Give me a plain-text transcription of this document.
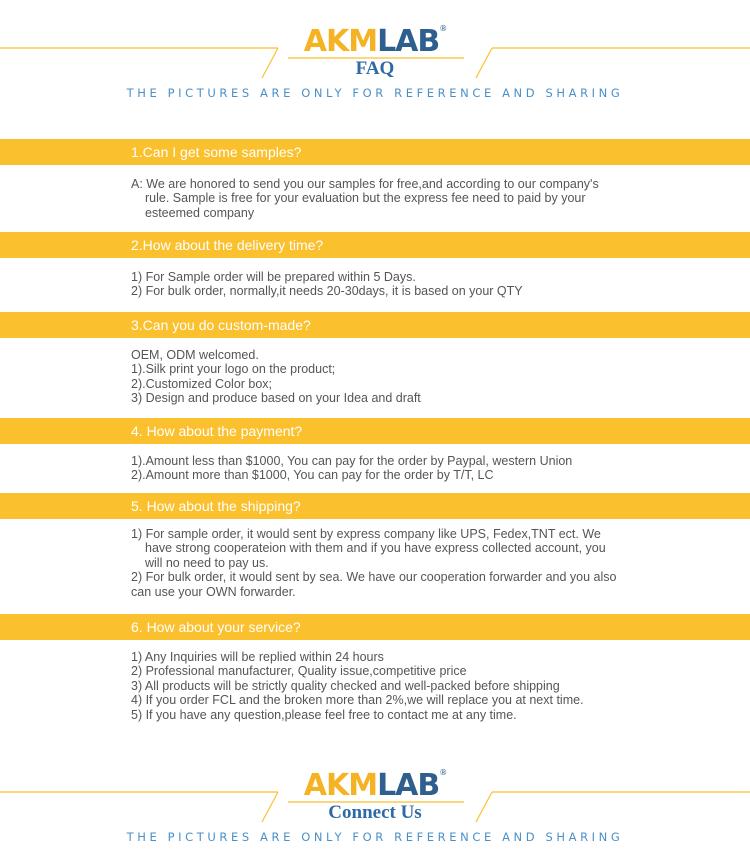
AKMLAB®
FAQ
THE PICTURES ARE ONLY FOR REFERENCE AND SHARING
1.Can I get some samples?
A: We are honored to send you our samples for free,and according to our company's
rule. Sample is free for your evaluation but the express fee need to paid by your
esteemed company
2.How about the delivery time?
1) For Sample order will be prepared within 5 Days.
2) For bulk order, normally,it needs 20-30days, it is based on your QTY
3.Can you do custom-made?
OEM, ODM welcomed.
1).Silk print your logo on the product;
2).Customized Color box;
3) Design and produce based on your Idea and draft
4. How about the payment?
1).Amount less than $1000, You can pay for the order by Paypal, western Union
2).Amount more than $1000, You can pay for the order by T/T, LC
5. How about the shipping?
1) For sample order, it would sent by express company like UPS, Fedex,TNT ect. We
have strong cooperateion with them and if you have express collected account, you
will no need to pay us.
2) For bulk order, it would sent by sea. We have our cooperation forwarder and you also
can use your OWN forwarder.
6. How about your service?
1) Any Inquiries will be replied within 24 hours
2) Professional manufacturer, Quality issue,competitive price
3) All products will be strictly quality checked and well-packed before shipping
4) If you order FCL and the broken more than 2%,we will replace you at next time.
5) If you have any question,please feel free to contact me at any time.
AKMLAB®
Connect Us
THE PICTURES ARE ONLY FOR REFERENCE AND SHARING
